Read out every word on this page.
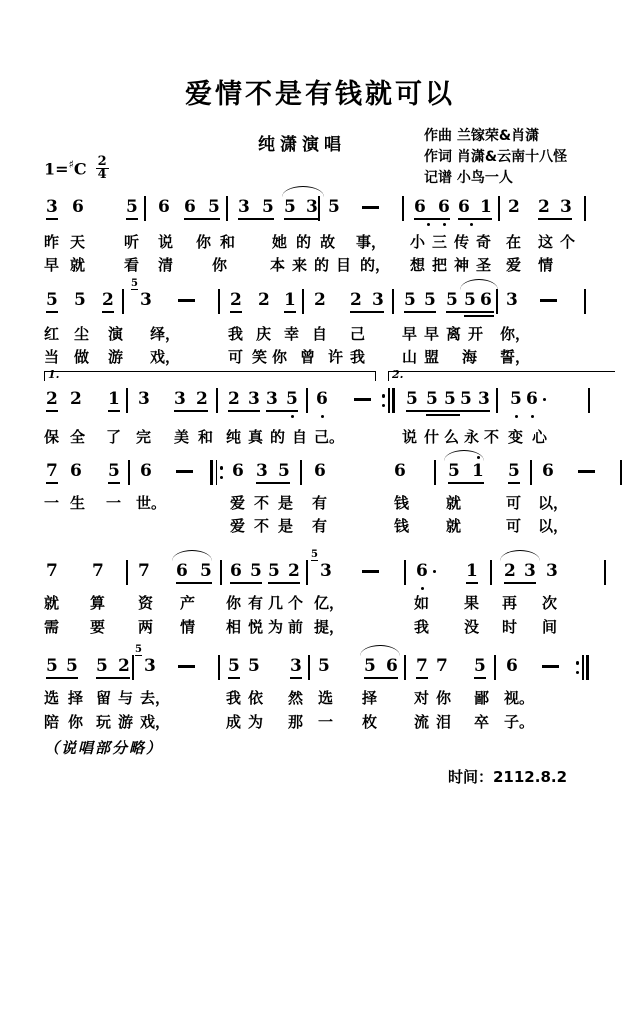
爱情不是有钱就可以
纯潇演唱	作曲 兰镓荣&肖潇
作词 肖潇&云南十八怪
记谱 小鸟一人
$1=^♯C \frac{2}{4}$
3 6 5 6 6 5 3 5 5 3 5	6 6 6 1 2 2 3
昨 天	听 说 你 和 她 的 故 事， 小 三 传 奇 在 这 个
早 就	看 清	你	本 来 的 目 的， 想 把 神 圣 爱 情
5 5 2 3
5
2 2 1 2 2 3 5 5 5 5 6 3
红 尘 演 绎，	我 庆 幸 自 己 早 早 离 开 你，
当 做 游 戏，	可 笑 你 曾 许 我 山 盟 海 誓，
1.	2.
2 2 1 3 3 2 2 3 3 5 6	5 5 5 5 3 5 6
保 全 了 完 美 和 纯 真 的 自 己。	说 什 么 永 不 变 心
7 6 5 6	6 3 5 6	6 5 1 5 6
一 生 一 世。	爱 不 是 有	钱 就	可 以，
爱 不 是 有	钱 就	可 以，
7 7 7 6 5 6 5 5 2 3
5
6 1 2 3 3
就 算 资 产 你 有 几 个 亿，	如 果 再 次
需 要 两 情 相 悦 为 前 提，	我 没 时 间
5 5 5 2 3
5
5 5 3 5 5 6 7 7 5 6
选 择 留 与 去，	我 依 然 选 择 对 你 鄙 视。
陪 你 玩 游 戏，	成 为 那 一 枚 流 泪 卒 子。
（说唱部分略）
时间：2112.8.2
